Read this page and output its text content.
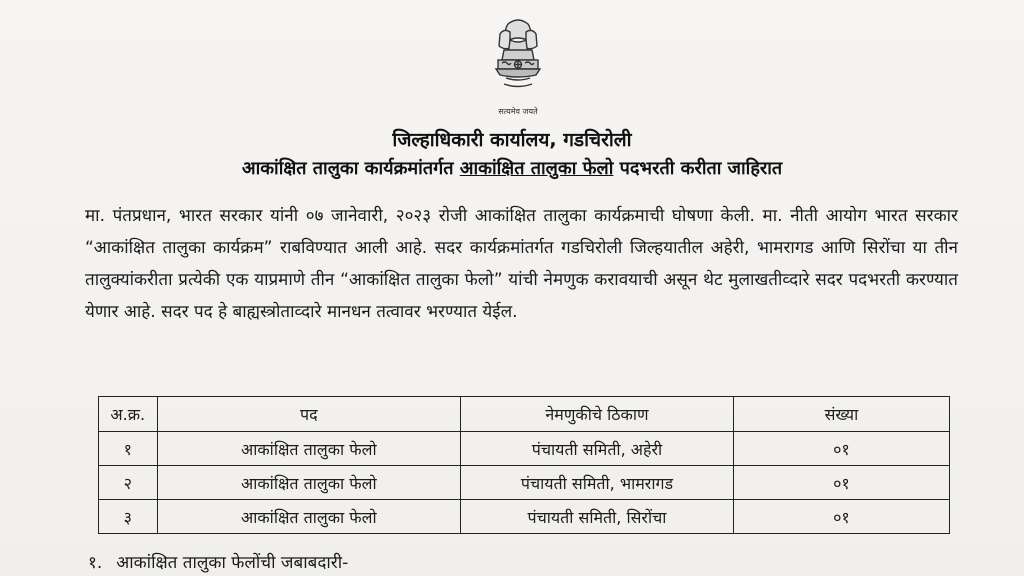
सत्यमेव जयते
जिल्हाधिकारी कार्यालय, गडचिरोली
आकांक्षित तालुका कार्यक्रमांतर्गत आकांक्षित तालुका फेलो पदभरती करीता जाहिरात
मा. पंतप्रधान, भारत सरकार यांनी ०७ जानेवारी, २०२३ रोजी आकांक्षित तालुका कार्यक्रमाची घोषणा केली. मा. नीती आयोग भारत सरकार “आकांक्षित तालुका कार्यक्रम” राबविण्यात आली आहे. सदर कार्यक्रमांतर्गत गडचिरोली जिल्हयातील अहेरी, भामरागड आणि सिरोंचा या तीन तालुक्यांकरीता प्रत्येकी एक याप्रमाणे तीन “आकांक्षित तालुका फेलो” यांची नेमणुक करावयाची असून थेट मुलाखतीव्दारे सदर पदभरती करण्यात येणार आहे. सदर पद हे बाह्यस्त्रोताव्दारे मानधन तत्वावर भरण्यात येईल.
अ.क्र.	पद	नेमणुकीचे ठिकाण	संख्या
१	आकांक्षित तालुका फेलो	पंचायती समिती, अहेरी	०१
२	आकांक्षित तालुका फेलो	पंचायती समिती, भामरागड	०१
३	आकांक्षित तालुका फेलो	पंचायती समिती, सिरोंचा	०१
१. आकांक्षित तालुका फेलोंची जबाबदारी-
